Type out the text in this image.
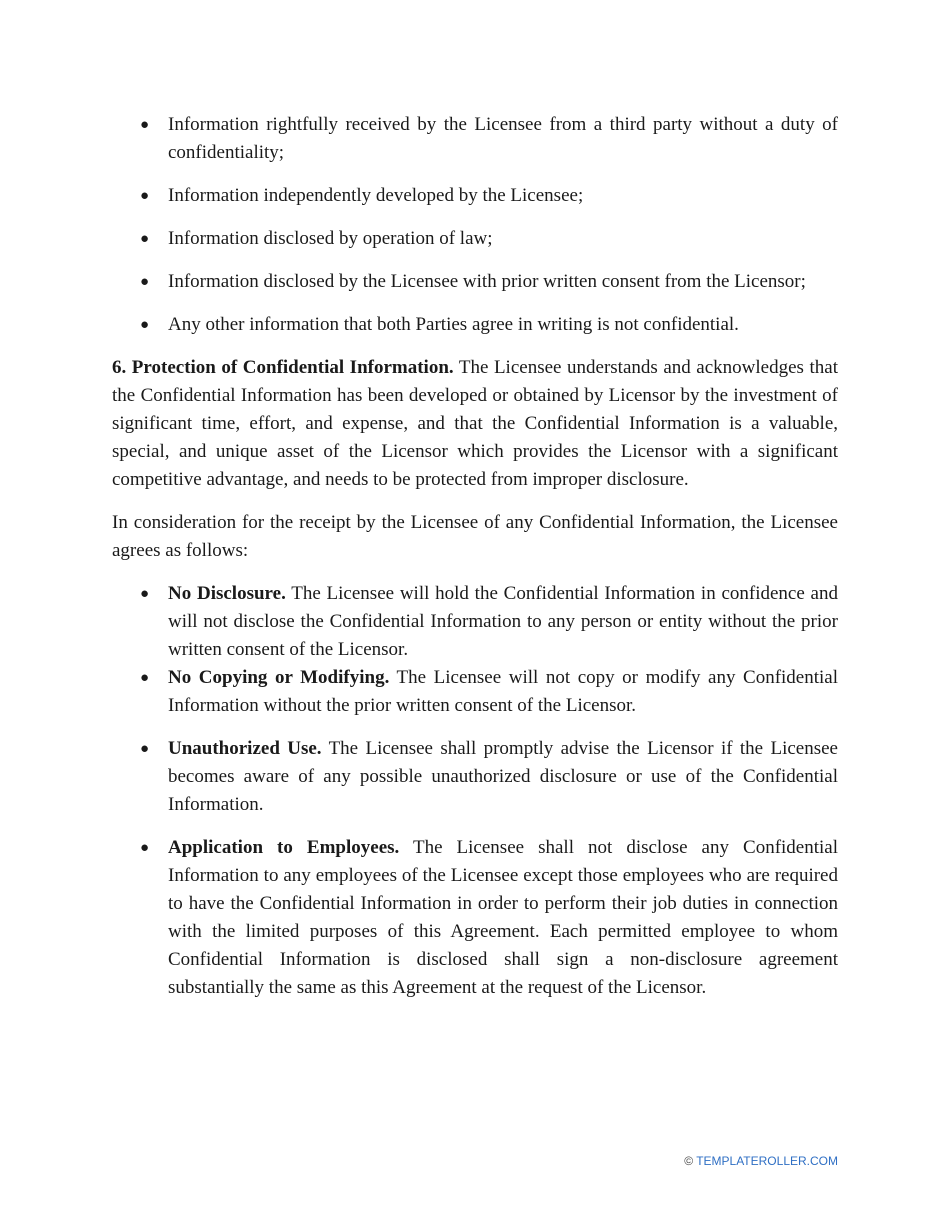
● Information rightfully received by the Licensee from a third party without a duty of confidentiality;
● Information independently developed by the Licensee;
● Information disclosed by operation of law;
● Information disclosed by the Licensee with prior written consent from the Licensor;
● Any other information that both Parties agree in writing is not confidential.

6. Protection of Confidential Information. The Licensee understands and acknowledges that the Confidential Information has been developed or obtained by Licensor by the investment of significant time, effort, and expense, and that the Confidential Information is a valuable, special, and unique asset of the Licensor which provides the Licensor with a significant competitive advantage, and needs to be protected from improper disclosure.

In consideration for the receipt by the Licensee of any Confidential Information, the Licensee agrees as follows:

● No Disclosure. The Licensee will hold the Confidential Information in confidence and will not disclose the Confidential Information to any person or entity without the prior written consent of the Licensor.
● No Copying or Modifying. The Licensee will not copy or modify any Confidential Information without the prior written consent of the Licensor.
● Unauthorized Use. The Licensee shall promptly advise the Licensor if the Licensee becomes aware of any possible unauthorized disclosure or use of the Confidential Information.
● Application to Employees. The Licensee shall not disclose any Confidential Information to any employees of the Licensee except those employees who are required to have the Confidential Information in order to perform their job duties in connection with the limited purposes of this Agreement. Each permitted employee to whom Confidential Information is disclosed shall sign a non-disclosure agreement substantially the same as this Agreement at the request of the Licensor.
© TEMPLATEROLLER.COM
